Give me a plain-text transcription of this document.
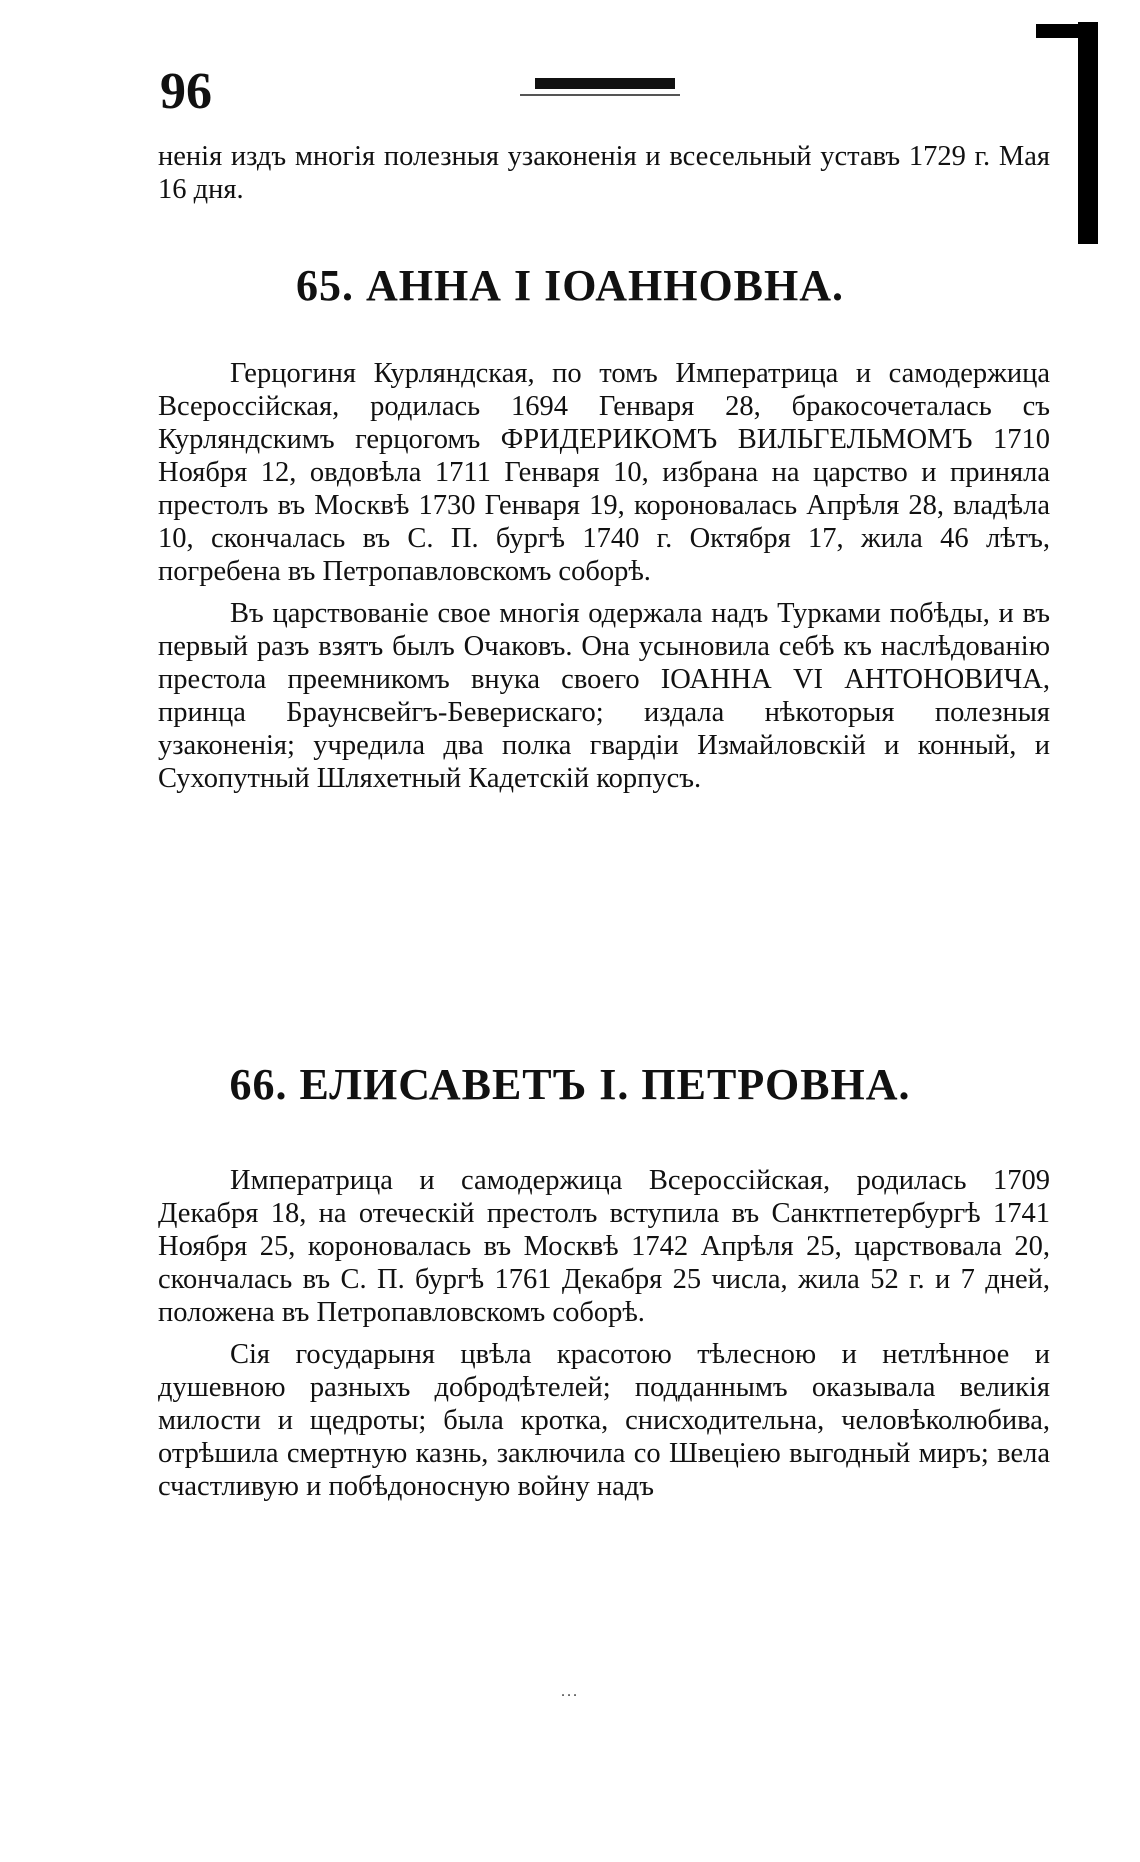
96

ненія издъ многія полезныя узаконенія и всесельный уставъ 1729 г. Мая 16 дня.

65. АННА I ІОАННОВНА.

Герцогиня Курляндская, по томъ Императрица и самодержица Всероссійская, родилась 1694 Генваря 28, бракосочеталась съ Курляндскимъ герцогомъ ФРИДЕРИКОМЪ ВИЛЬГЕЛЬМОМЪ 1710 Ноября 12, овдовѣла 1711 Генваря 10, избрана на царство и приняла престолъ въ Москвѣ 1730 Генваря 19, короновалась Апрѣля 28, владѣла 10, скончалась въ С. П. бургѣ 1740 г. Октября 17, жила 46 лѣтъ, погребена въ Петропавловскомъ соборѣ.

Въ царствованіе свое многія одержала надъ Турками побѣды, и въ первый разъ взятъ былъ Очаковъ. Она усыновила себѣ къ наслѣдованію престола преемникомъ внука своего ІОАННА VI АНТОНОВИЧА, принца Браунсвейгъ-Беверискаго; издала нѣкоторыя полезныя узаконенія; учредила два полка гвардіи Измайловскій и конный, и Сухопутный Шляхетный Кадетскій корпусъ.

66. ЕЛИСАВЕТЪ I. ПЕТРОВНА.

Императрица и самодержица Всероссійская, родилась 1709 Декабря 18, на отеческій престолъ вступила въ Санктпетербургѣ 1741 Ноября 25, короновалась въ Москвѣ 1742 Апрѣля 25, царствовала 20, скончалась въ С. П. бургѣ 1761 Декабря 25 числа, жила 52 г. и 7 дней, положена въ Петропавловскомъ соборѣ.

Сія государыня цвѣла красотою тѣлесною и нетлѣнное и душевною разныхъ добродѣтелей; подданнымъ оказывала великія милости и щедроты; была кротка, снисходительна, человѣколюбива, отрѣшила смертную казнь, заключила со Швеціею выгодный миръ; вела счастливую и побѣдоносную войну надъ

˙˙˙
